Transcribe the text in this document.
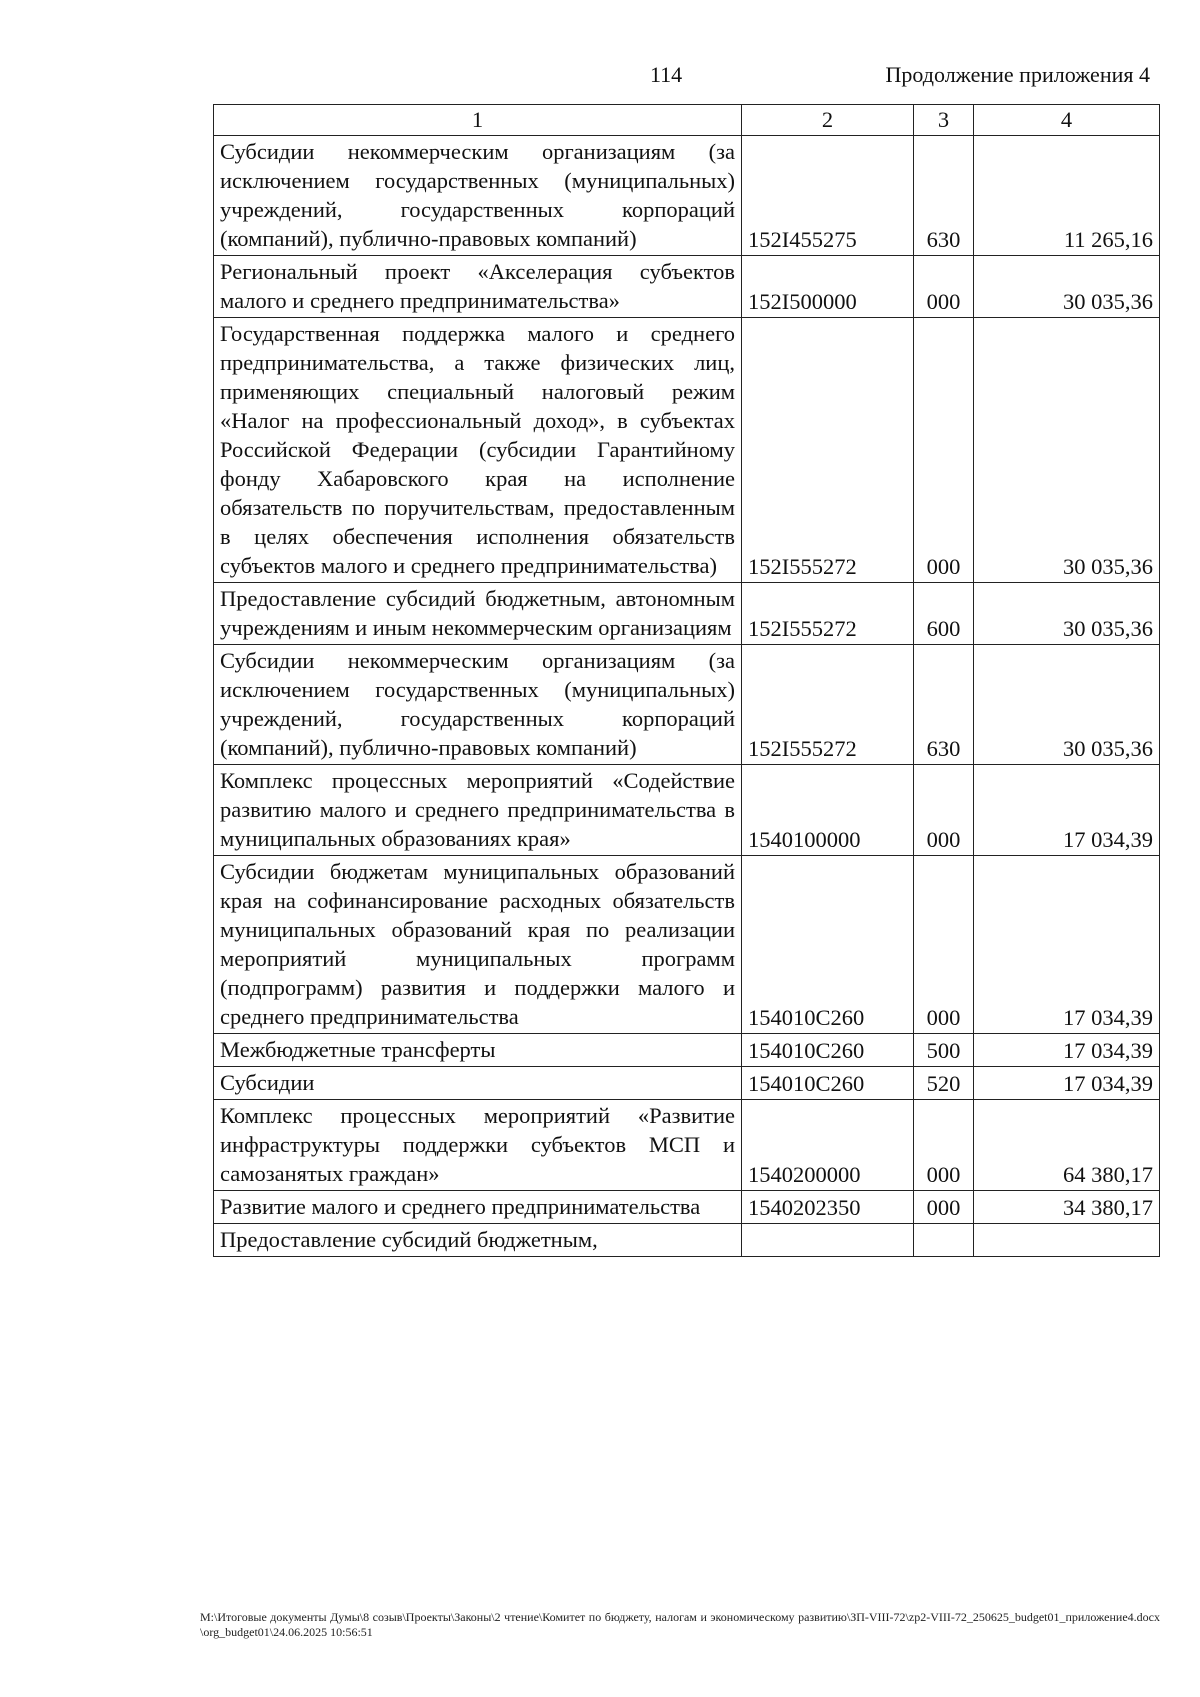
114	Продолжение приложения 4
1	2	3	4
Субсидии некоммерческим организациям (за исключением государственных (муниципальных) учреждений, государственных корпораций (компаний), публично-правовых компаний)	152I455275	630	11 265,16
Региональный проект «Акселерация субъектов малого и среднего предпринимательства»	152I500000	000	30 035,36
Государственная поддержка малого и среднего предпринимательства, а также физических лиц, применяющих специальный налоговый режим «Налог на профессиональный доход», в субъектах Российской Федерации (субсидии Гарантийному фонду Хабаровского края на исполнение обязательств по поручительствам, предоставленным в целях обеспечения исполнения обязательств субъектов малого и среднего предпринимательства)	152I555272	000	30 035,36
Предоставление субсидий бюджетным, автономным учреждениям и иным некоммерческим организациям	152I555272	600	30 035,36
Субсидии некоммерческим организациям (за исключением государственных (муниципальных) учреждений, государственных корпораций (компаний), публично-правовых компаний)	152I555272	630	30 035,36
Комплекс процессных мероприятий «Содействие развитию малого и среднего предпринимательства в муниципальных образованиях края»	1540100000	000	17 034,39
Субсидии бюджетам муниципальных образований края на софинансирование расходных обязательств муниципальных образований края по реализации мероприятий муниципальных программ (подпрограмм) развития и поддержки малого и среднего предпринимательства	154010С260	000	17 034,39
Межбюджетные трансферты	154010С260	500	17 034,39
Субсидии	154010С260	520	17 034,39
Комплекс процессных мероприятий «Развитие инфраструктуры поддержки субъектов МСП и самозанятых граждан»	1540200000	000	64 380,17
Развитие малого и среднего предпринимательства	1540202350	000	34 380,17
Предоставление субсидий бюджетным,			
M:\Итоговые документы Думы\8 созыв\Проекты\Законы\2 чтение\Комитет по бюджету, налогам и экономическому развитию\ЗП-VIII-72\zp2-VIII-72_250625_budget01_приложение4.docx\org_budget01\24.06.2025 10:56:51
